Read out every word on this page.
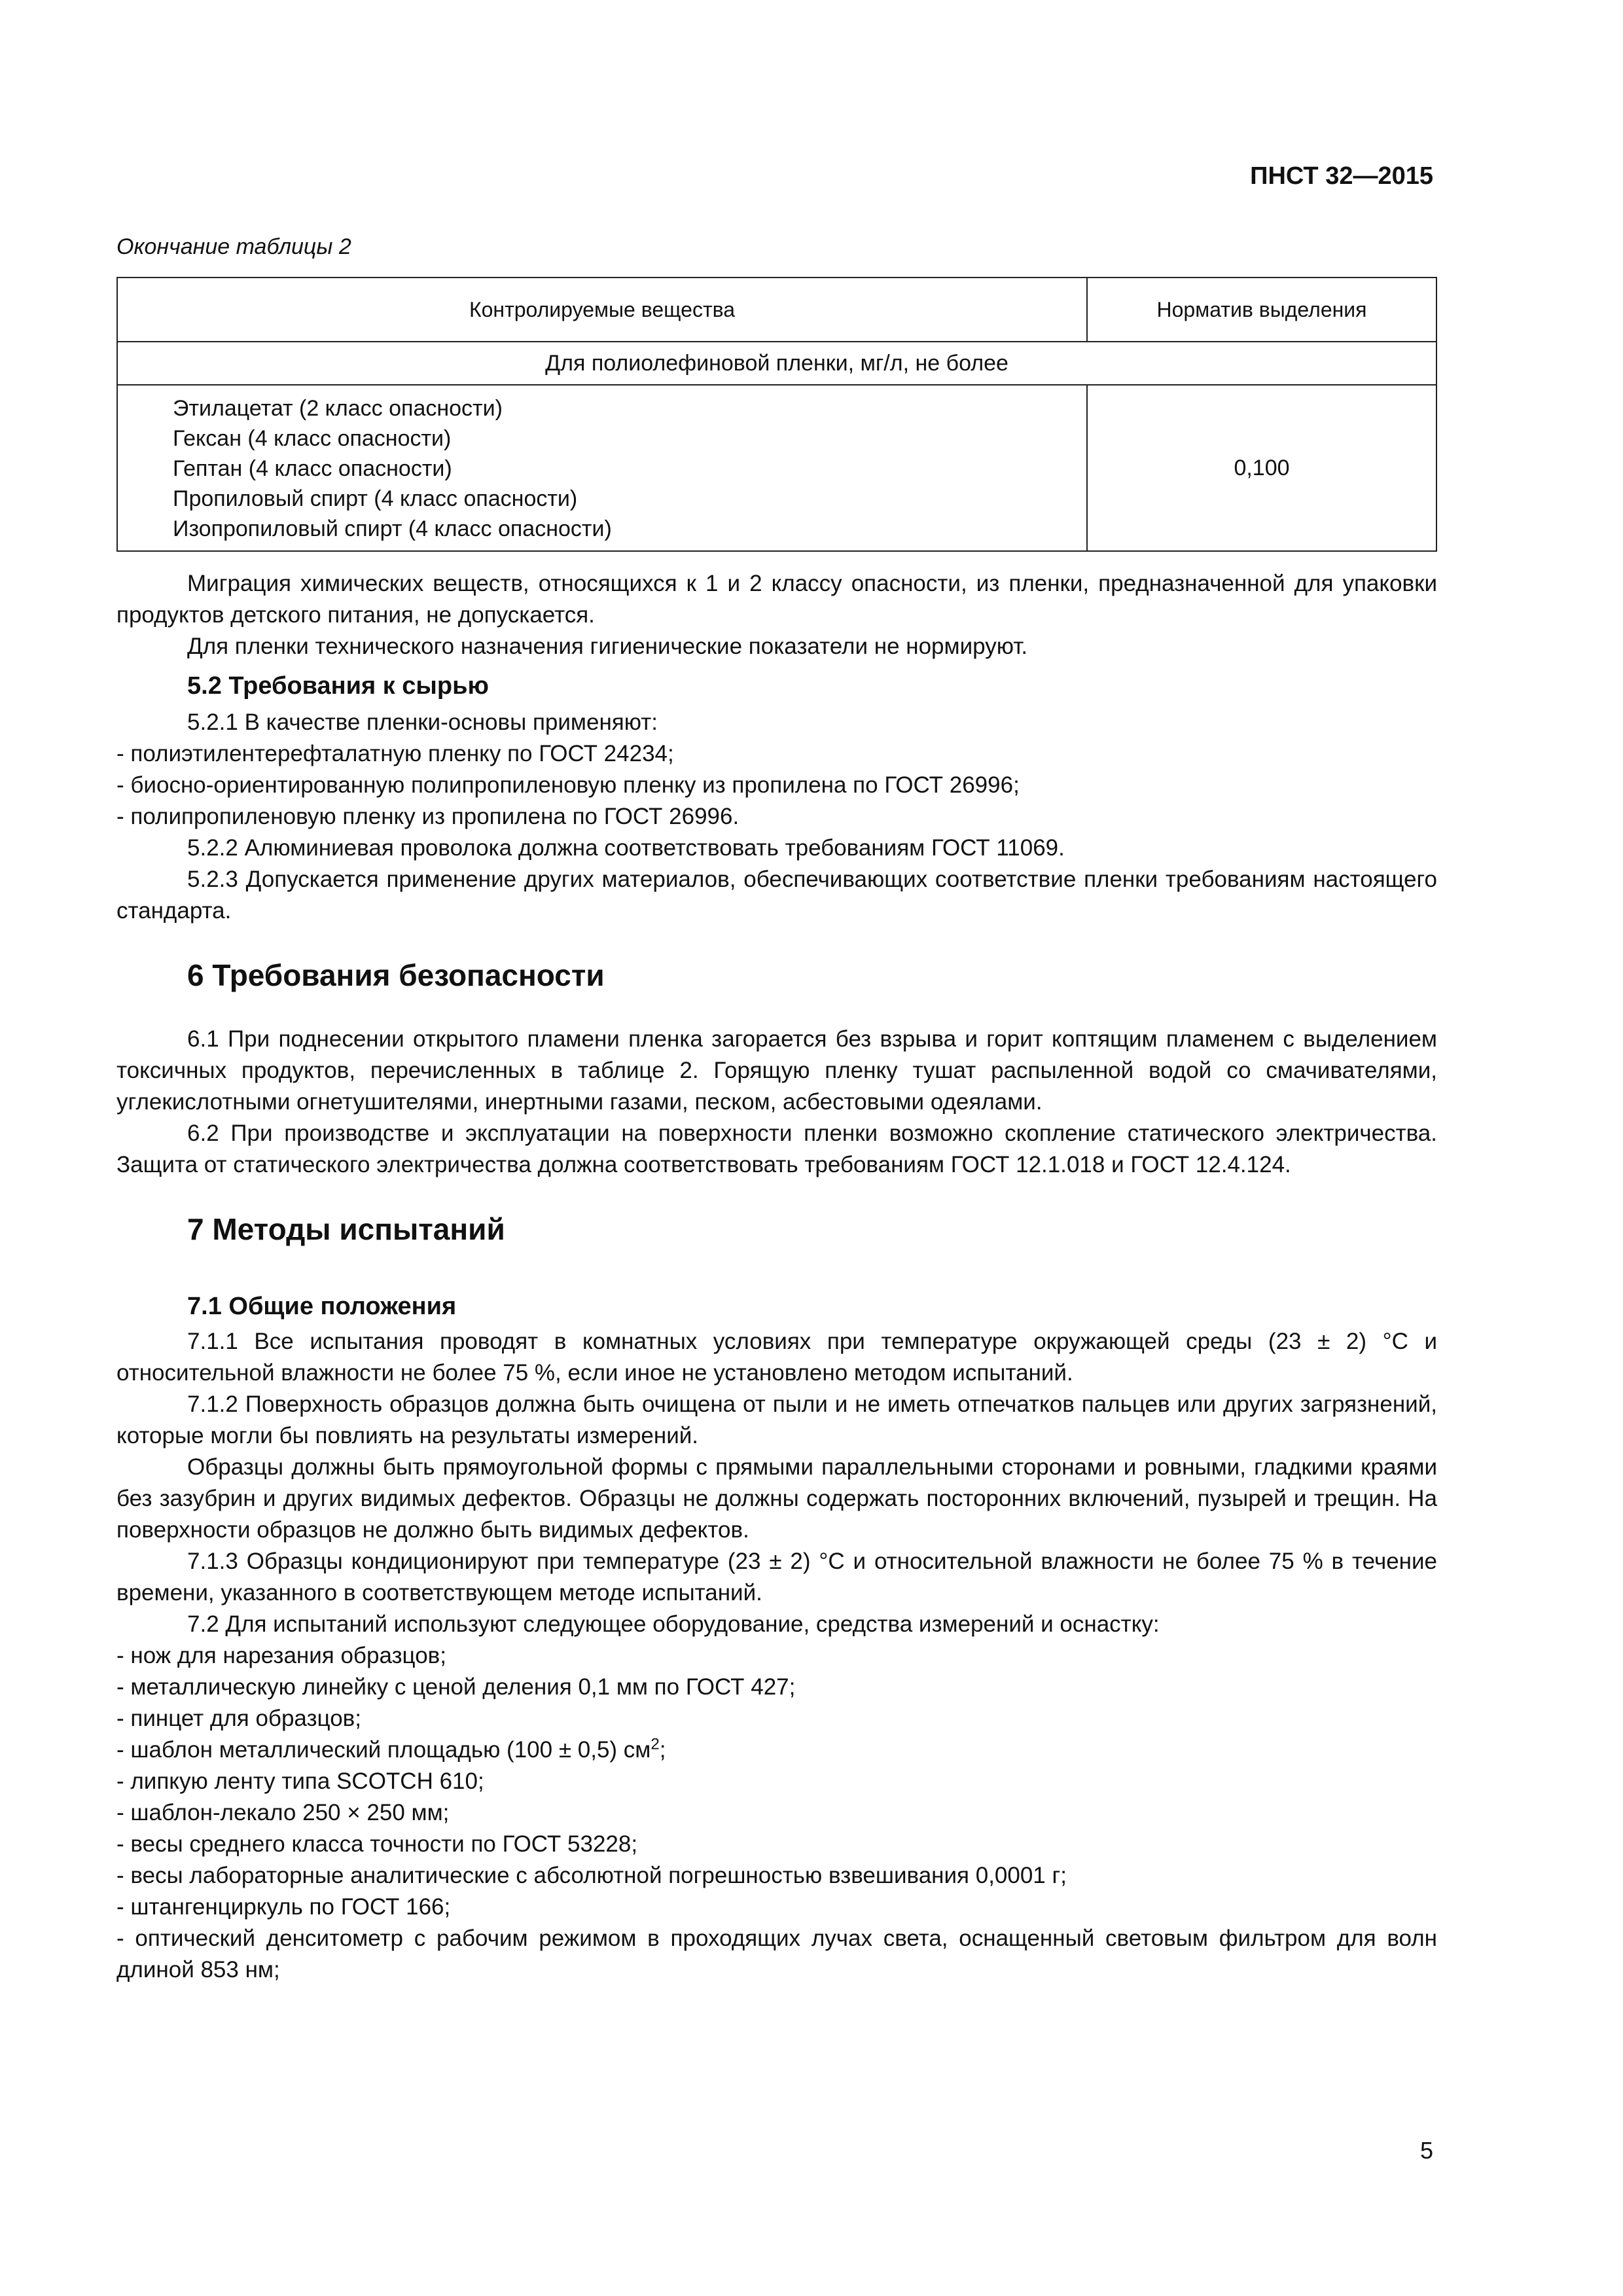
ПНСТ 32—2015
Окончание таблицы 2
Контролируемые вещества	Норматив выделения
Для полиолефиновой пленки, мг/л, не более	

Этилацетат (2 класс опасности)
Гексан (4 класс опасности)
Гептан (4 класс опасности)
Пропиловый спирт (4 класс опасности)
Изопропиловый спирт (4 класс опасности)	0,100

Миграция химических веществ, относящихся к 1 и 2 классу опасности, из пленки, предназначенной для упаковки продуктов детского питания, не допускается.

Для пленки технического назначения гигиенические показатели не нормируют.

5.2 Требования к сырью

5.2.1 В качестве пленки-основы применяют:

- полиэтилентерефталатную пленку по ГОСТ 24234;

- биосно-ориентированную полипропиленовую пленку из пропилена по ГОСТ 26996;

- полипропиленовую пленку из пропилена по ГОСТ 26996.

5.2.2 Алюминиевая проволока должна соответствовать требованиям ГОСТ 11069.

5.2.3 Допускается применение других материалов, обеспечивающих соответствие пленки требованиям настоящего стандарта.

6 Требования безопасности

6.1 При поднесении открытого пламени пленка загорается без взрыва и горит коптящим пламенем с выделением токсичных продуктов, перечисленных в таблице 2. Горящую пленку тушат распыленной водой со смачивателями, углекислотными огнетушителями, инертными газами, песком, асбестовыми одеялами.

6.2 При производстве и эксплуатации на поверхности пленки возможно скопление статического электричества. Защита от статического электричества должна соответствовать требованиям ГОСТ 12.1.018 и ГОСТ 12.4.124.

7 Методы испытаний

7.1 Общие положения

7.1.1 Все испытания проводят в комнатных условиях при температуре окружающей среды (23 ± 2) °С и относительной влажности не более 75 %, если иное не установлено методом испытаний.

7.1.2 Поверхность образцов должна быть очищена от пыли и не иметь отпечатков пальцев или других загрязнений, которые могли бы повлиять на результаты измерений.

Образцы должны быть прямоугольной формы с прямыми параллельными сторонами и ровными, гладкими краями без зазубрин и других видимых дефектов. Образцы не должны содержать посторонних включений, пузырей и трещин. На поверхности образцов не должно быть видимых дефектов.

7.1.3 Образцы кондиционируют при температуре (23 ± 2) °С и относительной влажности не более 75 % в течение времени, указанного в соответствующем методе испытаний.

7.2 Для испытаний используют следующее оборудование, средства измерений и оснастку:

- нож для нарезания образцов;

- металлическую линейку с ценой деления 0,1 мм по ГОСТ 427;

- пинцет для образцов;

- шаблон металлический площадью (100 ± 0,5) $см^2$;

- липкую ленту типа SCOTCH 610;

- шаблон-лекало 250 × 250 мм;

- весы среднего класса точности по ГОСТ 53228;

- весы лабораторные аналитические с абсолютной погрешностью взвешивания 0,0001 г;

- штангенциркуль по ГОСТ 166;

- оптический денситометр с рабочим режимом в проходящих лучах света, оснащенный световым фильтром для волн длиной 853 нм;

5
